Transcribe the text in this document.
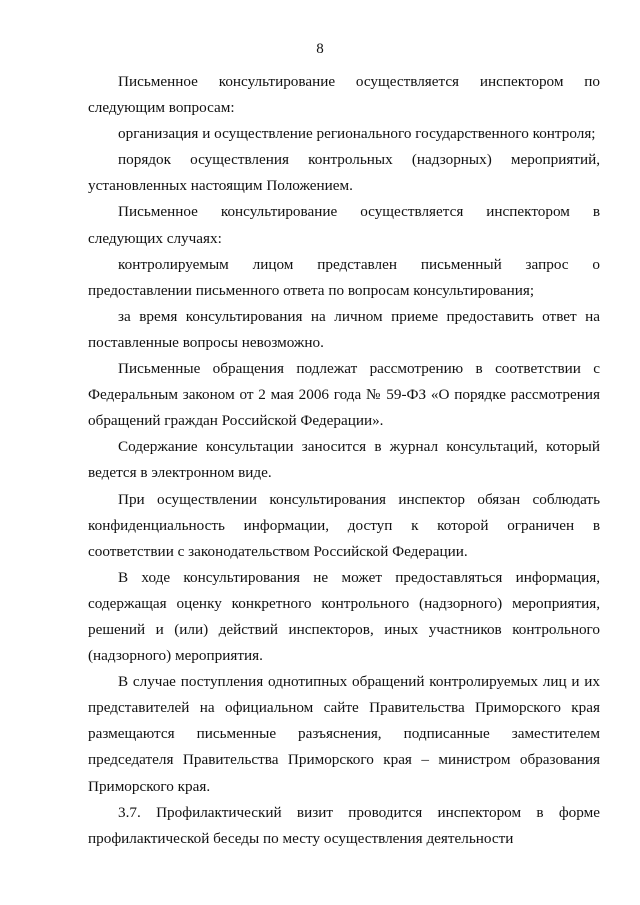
8

Письменное консультирование осуществляется инспектором по следующим вопросам:

организация и осуществление регионального государственного контроля;

порядок осуществления контрольных (надзорных) мероприятий, установленных настоящим Положением.

Письменное консультирование осуществляется инспектором в следующих случаях:

контролируемым лицом представлен письменный запрос о предоставлении письменного ответа по вопросам консультирования;

за время консультирования на личном приеме предоставить ответ на поставленные вопросы невозможно.

Письменные обращения подлежат рассмотрению в соответствии с Федеральным законом от 2 мая 2006 года № 59-ФЗ «О порядке рассмотрения обращений граждан Российской Федерации».

Содержание консультации заносится в журнал консультаций, который ведется в электронном виде.

При осуществлении консультирования инспектор обязан соблюдать конфиденциальность информации, доступ к которой ограничен в соответствии с законодательством Российской Федерации.

В ходе консультирования не может предоставляться информация, содержащая оценку конкретного контрольного (надзорного) мероприятия, решений и (или) действий инспекторов, иных участников контрольного (надзорного) мероприятия.

В случае поступления однотипных обращений контролируемых лиц и их представителей на официальном сайте Правительства Приморского края размещаются письменные разъяснения, подписанные заместителем председателя Правительства Приморского края – министром образования Приморского края.

3.7. Профилактический визит проводится инспектором в форме профилактической беседы по месту осуществления деятельности
